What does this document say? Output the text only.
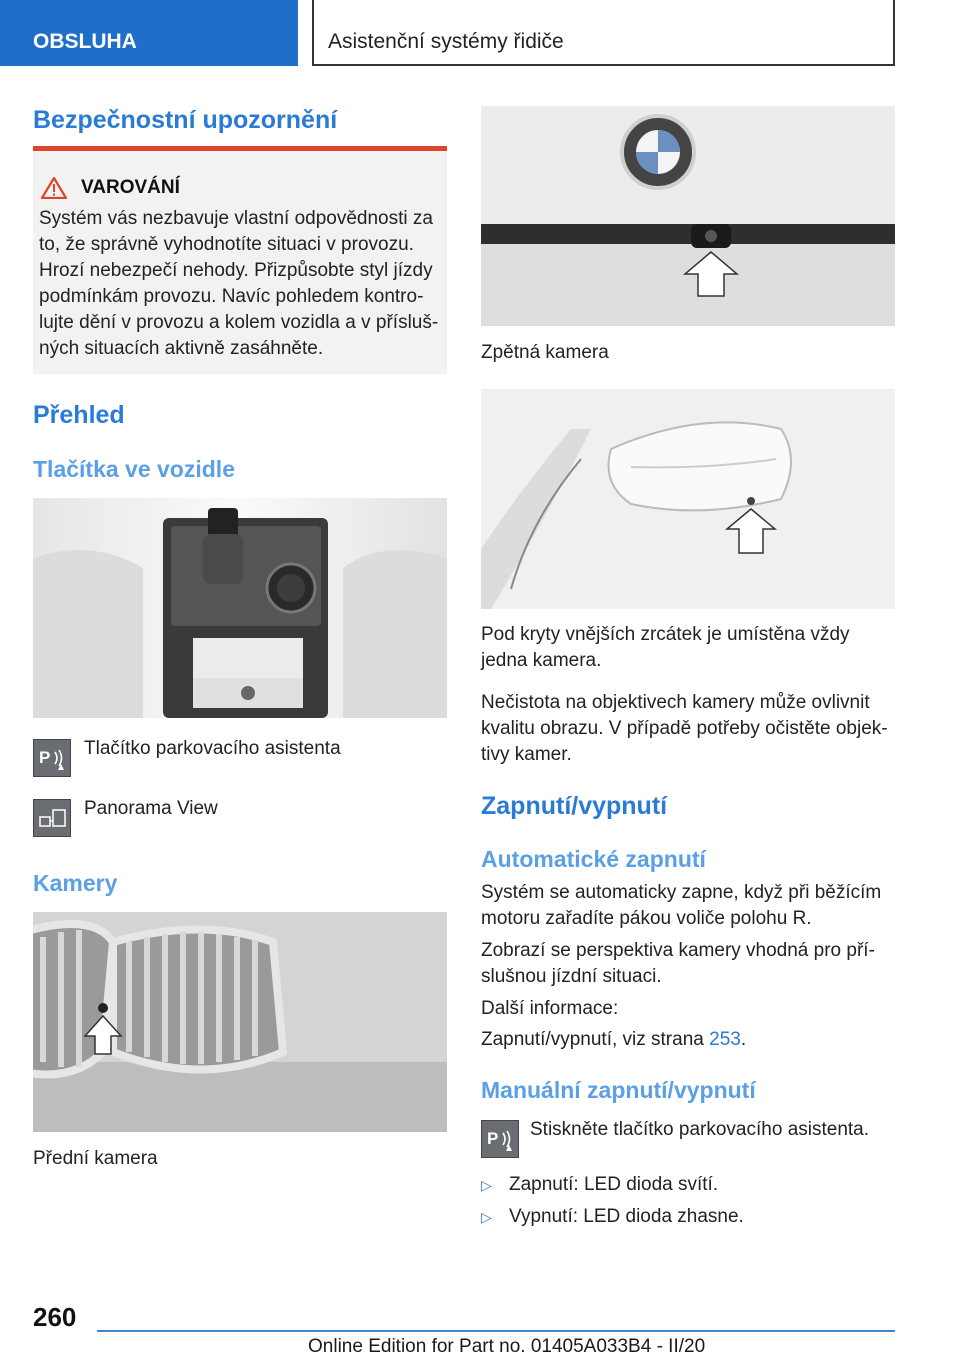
OBSLUHA	Asistenční systémy řidiče
Bezpečnostní upozornění
VAROVÁNÍ
Systém vás nezbavuje vlastní odpovědnosti za
to, že správně vyhodnotíte situaci v provozu.
Hrozí nebezpečí nehody. Přizpůsobte styl jízdy
podmínkám provozu. Navíc pohledem kontro-
lujte dění v provozu a kolem vozidla a v přísluš-
ných situacích aktivně zasáhněte.
Přehled
Tlačítka ve vozidle
P Tlačítko parkovacího asistenta
Panorama View
Kamery
Přední kamera
Zpětná kamera
Pod kryty vnějších zrcátek je umístěna vždy
jedna kamera.
Nečistota na objektivech kamery může ovlivnit
kvalitu obrazu. V případě potřeby očistěte objek-
tivy kamer.
Zapnutí/vypnutí
Automatické zapnutí
Systém se automaticky zapne, když při běžícím
motoru zařadíte pákou voliče polohu R.
Zobrazí se perspektiva kamery vhodná pro pří-
slušnou jízdní situaci.
Další informace:
Zapnutí/vypnutí, viz strana 253.
Manuální zapnutí/vypnutí
P Stiskněte tlačítko parkovacího asistenta.
▷ Zapnutí: LED dioda svítí.
▷ Vypnutí: LED dioda zhasne.
260
Online Edition for Part no. 01405A033B4 - II/20
